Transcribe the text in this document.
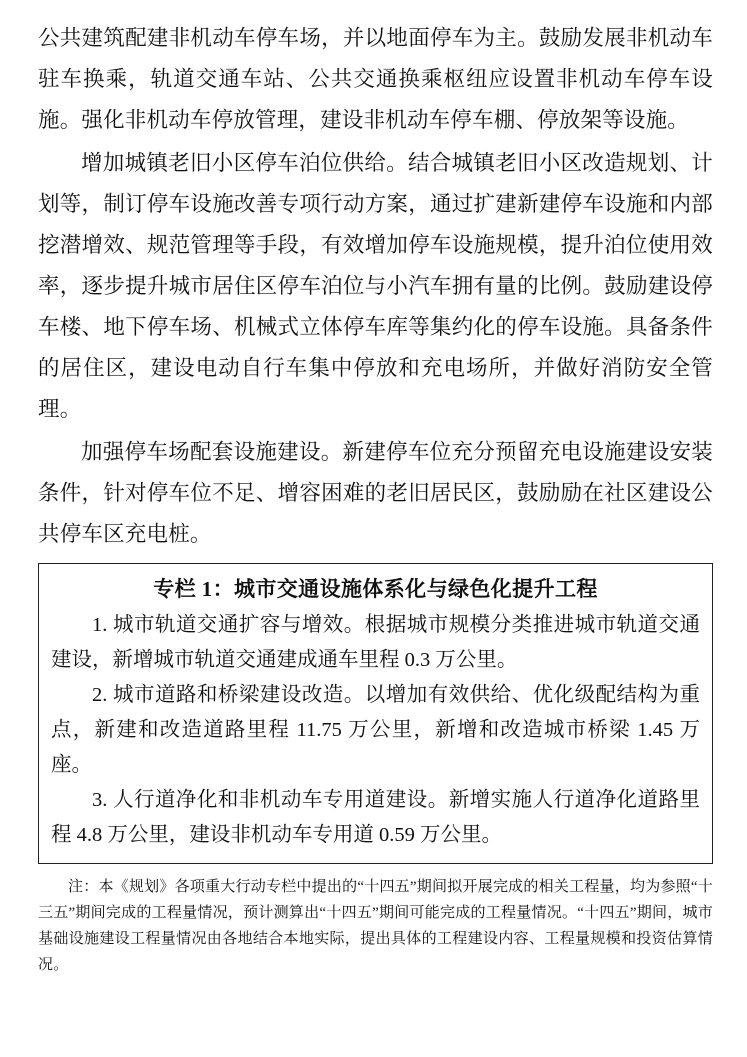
公共建筑配建非机动车停车场，并以地面停车为主。鼓励发展非机动车驻车换乘，轨道交通车站、公共交通换乘枢纽应设置非机动车停车设施。强化非机动车停放管理，建设非机动车停车棚、停放架等设施。

增加城镇老旧小区停车泊位供给。结合城镇老旧小区改造规划、计划等，制订停车设施改善专项行动方案，通过扩建新建停车设施和内部挖潜增效、规范管理等手段，有效增加停车设施规模，提升泊位使用效率，逐步提升城市居住区停车泊位与小汽车拥有量的比例。鼓励建设停车楼、地下停车场、机械式立体停车库等集约化的停车设施。具备条件的居住区，建设电动自行车集中停放和充电场所，并做好消防安全管理。

加强停车场配套设施建设。新建停车位充分预留充电设施建设安装条件，针对停车位不足、增容困难的老旧居民区，鼓励励在社区建设公共停车区充电桩。

专栏 1：城市交通设施体系化与绿色化提升工程

1. 城市轨道交通扩容与增效。根据城市规模分类推进城市轨道交通建设，新增城市轨道交通建成通车里程 0.3 万公里。

2. 城市道路和桥梁建设改造。以增加有效供给、优化级配结构为重点，新建和改造道路里程 11.75 万公里，新增和改造城市桥梁 1.45 万座。

3. 人行道净化和非机动车专用道建设。新增实施人行道净化道路里程 4.8 万公里，建设非机动车专用道 0.59 万公里。

注：本《规划》各项重大行动专栏中提出的“十四五”期间拟开展完成的相关工程量，均为参照“十三五”期间完成的工程量情况，预计测算出“十四五”期间可能完成的工程量情况。“十四五”期间，城市基础设施建设工程量情况由各地结合本地实际，提出具体的工程建设内容、工程量规模和投资估算情况。
